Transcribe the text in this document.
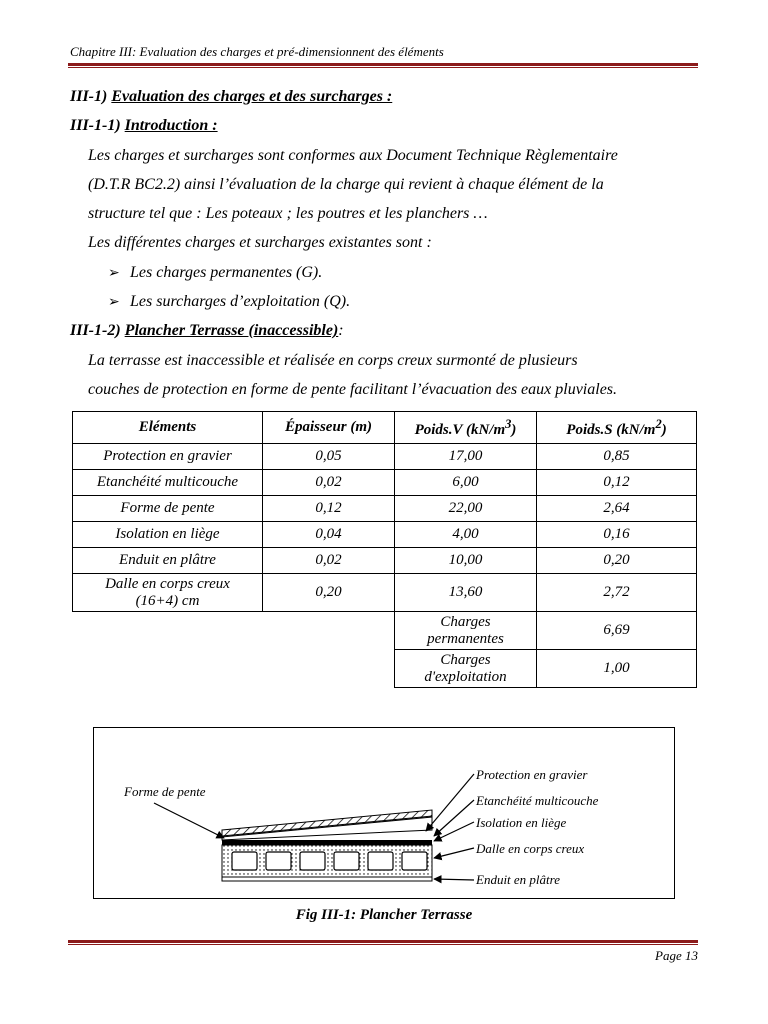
Chapitre III: Evaluation des charges et pré-dimensionnent des éléments
III-1) Evaluation des charges et des surcharges :
III-1-1) Introduction :
Les charges et surcharges sont conformes aux Document Technique Règlementaire
(D.T.R BC2.2) ainsi l’évaluation de la charge qui revient à chaque élément de la
structure tel que : Les poteaux ; les poutres et les planchers …
Les différentes charges et surcharges existantes sont :
➢ Les charges permanentes (G).
➢ Les surcharges d’exploitation (Q).
III-1-2) Plancher Terrasse (inaccessible):
La terrasse est inaccessible et réalisée en corps creux surmonté de plusieurs
couches de protection en forme de pente facilitant l’évacuation des eaux pluviales.
Eléments	Épaisseur (m)	Poids.V $(kN/m^3)$	Poids.S $(kN/m^2)$
Protection en gravier	0,05	17,00	0,85
Etanchéité multicouche	0,02	6,00	0,12
Forme de pente	0,12	22,00	2,64
Isolation en liège	0,04	4,00	0,16
Enduit en plâtre	0,02	10,00	0,20
Dalle en corps creux (16+4) cm	0,20	13,60	2,72
		Charges permanentes	6,69
		Charges d'exploitation	1,00
Forme de pente
Protection en gravier
Etanchéité multicouche
Isolation en liège
Dalle en corps creux
Enduit en plâtre
Fig III-1: Plancher Terrasse
Page 13
